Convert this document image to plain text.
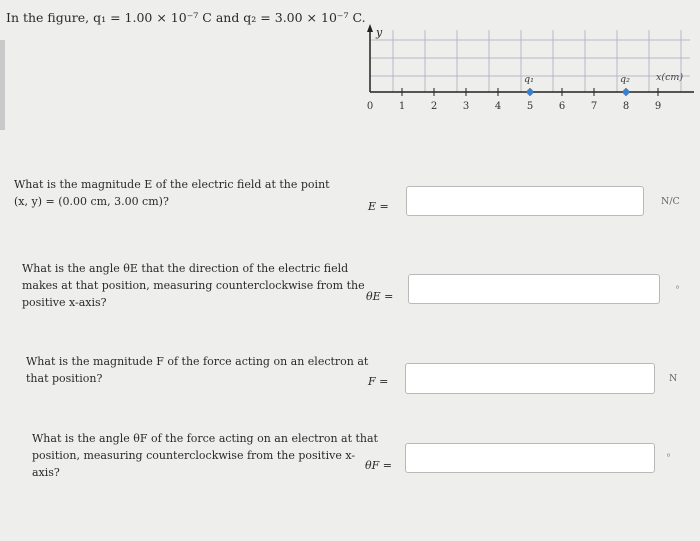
In the figure, q₁ = 1.00 × 10⁻⁷ C and q₂ = 3.00 × 10⁻⁷ C.
y
x(cm)
0	1	2	3	4	5	6	7	8	9
q₁	q₂
What is the magnitude E of the electric field at the point
(x, y) = (0.00 cm, 3.00 cm)?	E =	N/C
What is the angle θE that the direction of the electric field
makes at that position, measuring counterclockwise from the
positive x-axis?	θE =	°
What is the magnitude F of the force acting on an electron at
that position?	F =	N
What is the angle θF of the force acting on an electron at that
position, measuring counterclockwise from the positive x-
axis?
θF =
°
